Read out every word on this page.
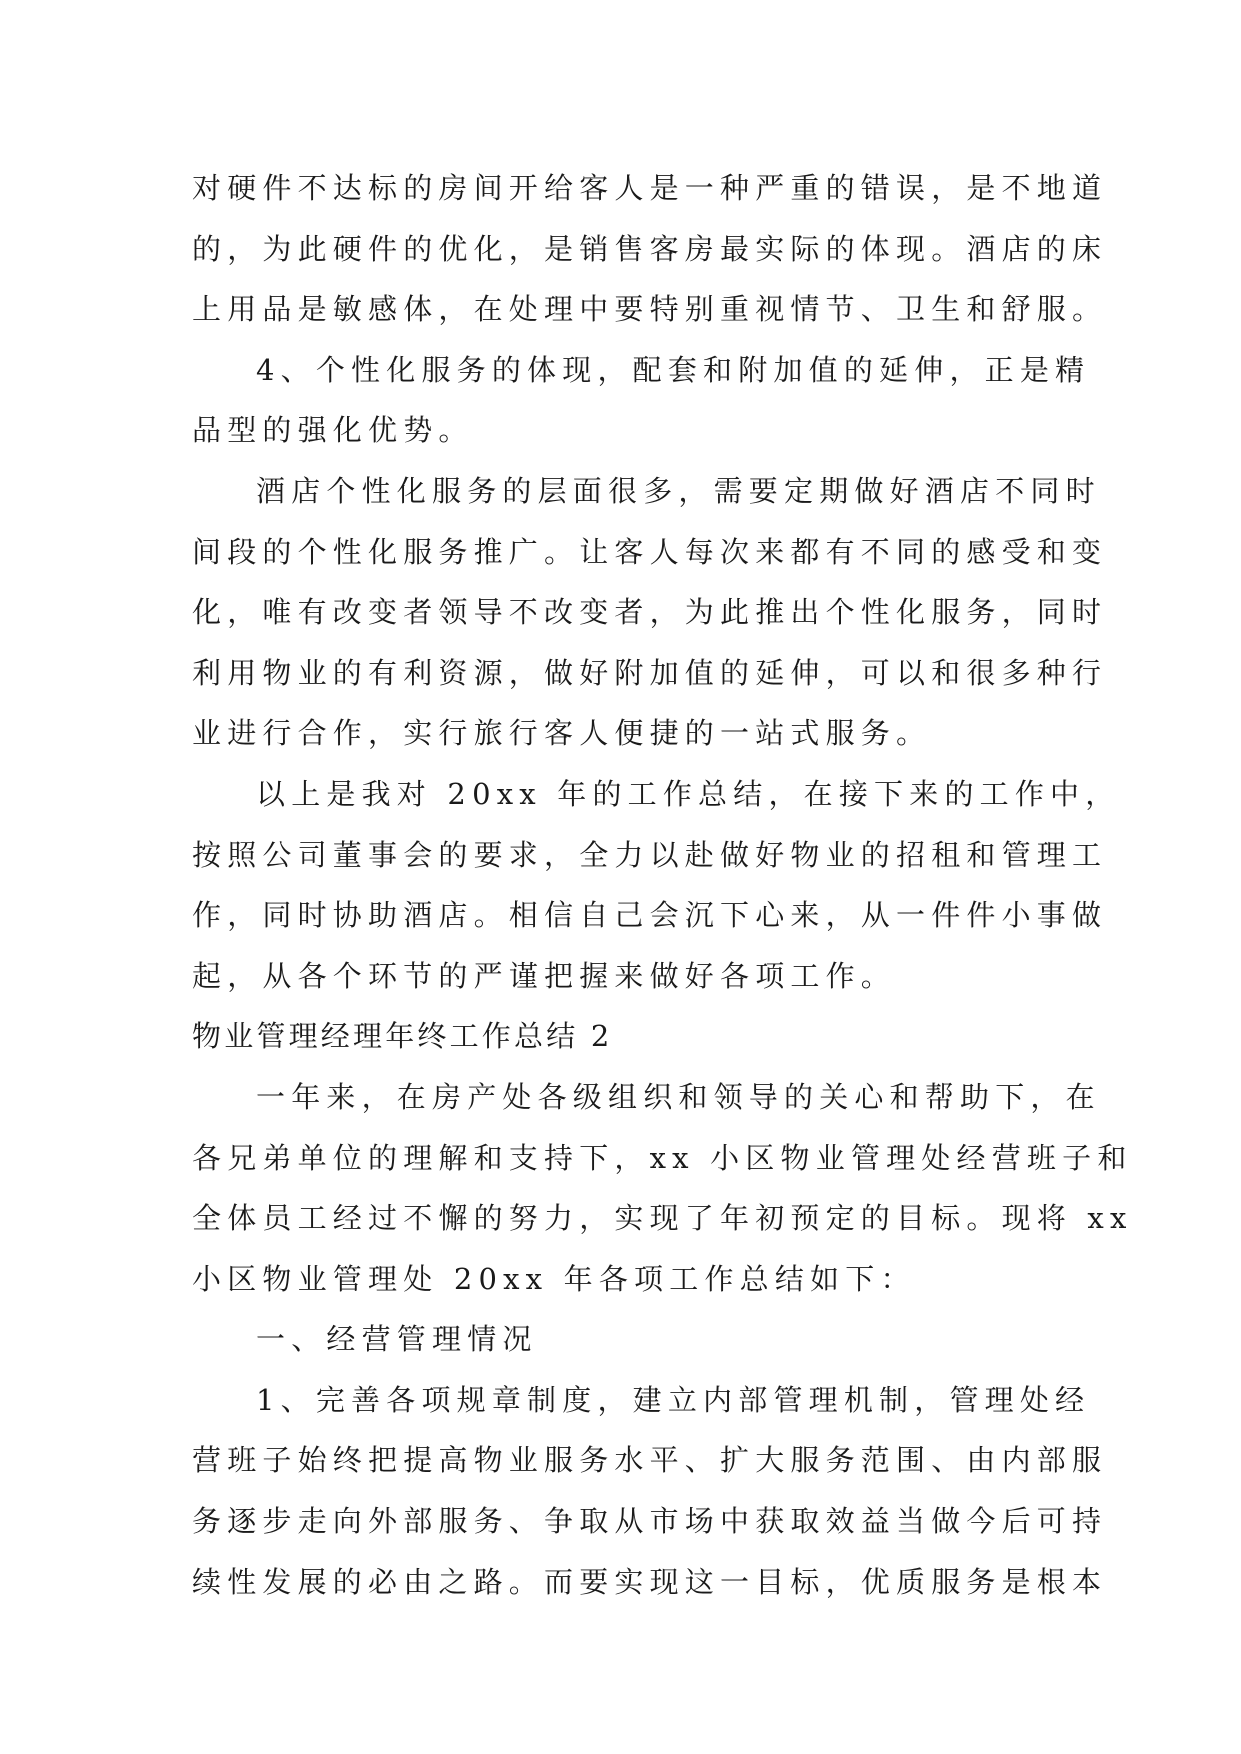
对硬件不达标的房间开给客人是一种严重的错误，是不地道
的，为此硬件的优化，是销售客房最实际的体现。酒店的床
上用品是敏感体，在处理中要特别重视情节、卫生和舒服。
4、个性化服务的体现，配套和附加值的延伸，正是精
品型的强化优势。
酒店个性化服务的层面很多，需要定期做好酒店不同时
间段的个性化服务推广。让客人每次来都有不同的感受和变
化，唯有改变者领导不改变者，为此推出个性化服务，同时
利用物业的有利资源，做好附加值的延伸，可以和很多种行
业进行合作，实行旅行客人便捷的一站式服务。
以上是我对 20xx 年的工作总结，在接下来的工作中，
按照公司董事会的要求，全力以赴做好物业的招租和管理工
作，同时协助酒店。相信自己会沉下心来，从一件件小事做
起，从各个环节的严谨把握来做好各项工作。
物业管理经理年终工作总结 2
一年来，在房产处各级组织和领导的关心和帮助下，在
各兄弟单位的理解和支持下，xx 小区物业管理处经营班子和
全体员工经过不懈的努力，实现了年初预定的目标。现将 xx
小区物业管理处 20xx 年各项工作总结如下：
一、经营管理情况
1、完善各项规章制度，建立内部管理机制，管理处经
营班子始终把提高物业服务水平、扩大服务范围、由内部服
务逐步走向外部服务、争取从市场中获取效益当做今后可持
续性发展的必由之路。而要实现这一目标，优质服务是根本
